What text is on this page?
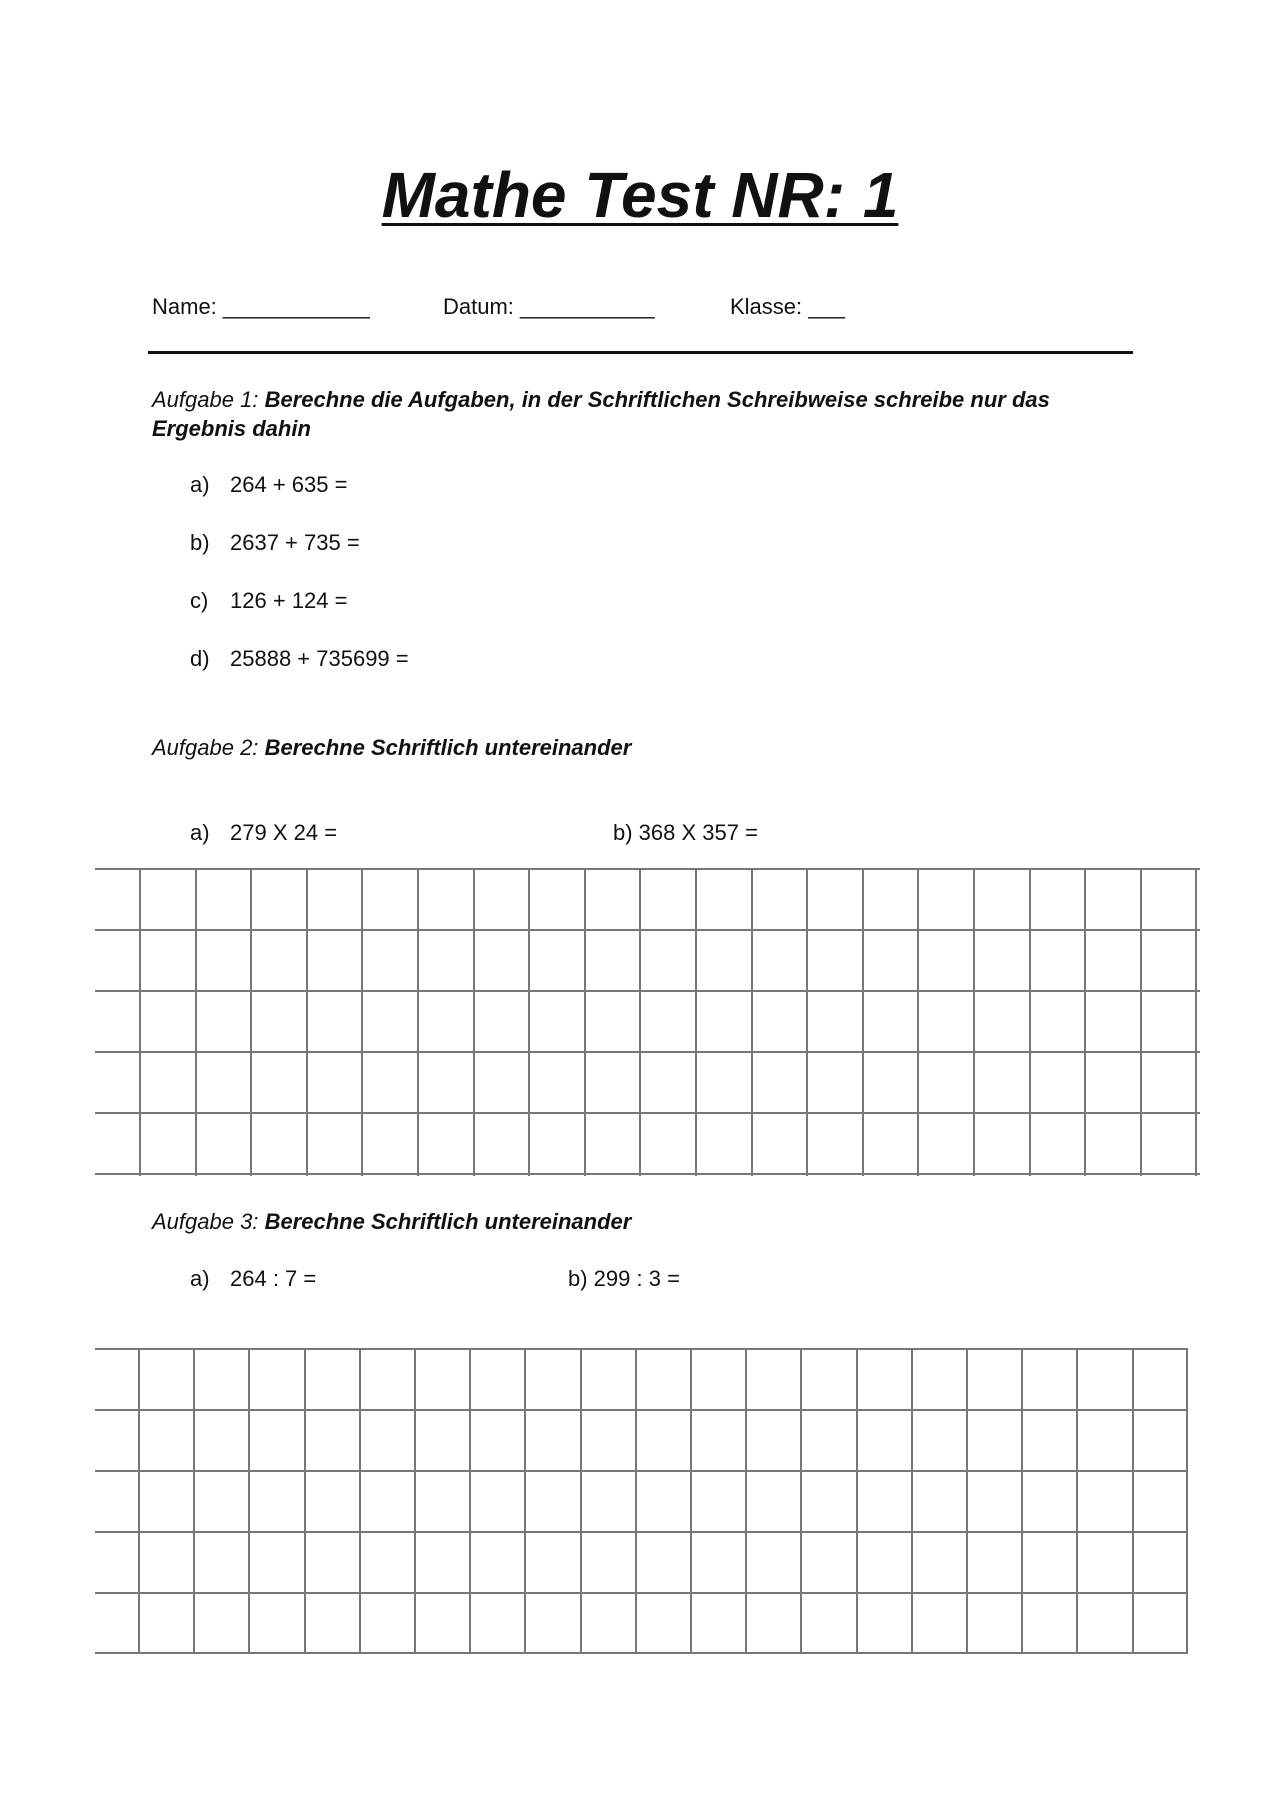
Mathe Test NR: 1
Name: ____________	Datum: ___________	Klasse: ___
Aufgabe 1: Berechne die Aufgaben, in der Schriftlichen Schreibweise schreibe nur das Ergebnis dahin
a) 264 + 635 =
b) 2637 + 735 =
c) 126 + 124 =
d) 25888 + 735699 =
Aufgabe 2: Berechne Schriftlich untereinander
a) 279 X 24 =	b) 368 X 357 =
Aufgabe 3: Berechne Schriftlich untereinander
a) 264 : 7 =	b) 299 : 3 =
